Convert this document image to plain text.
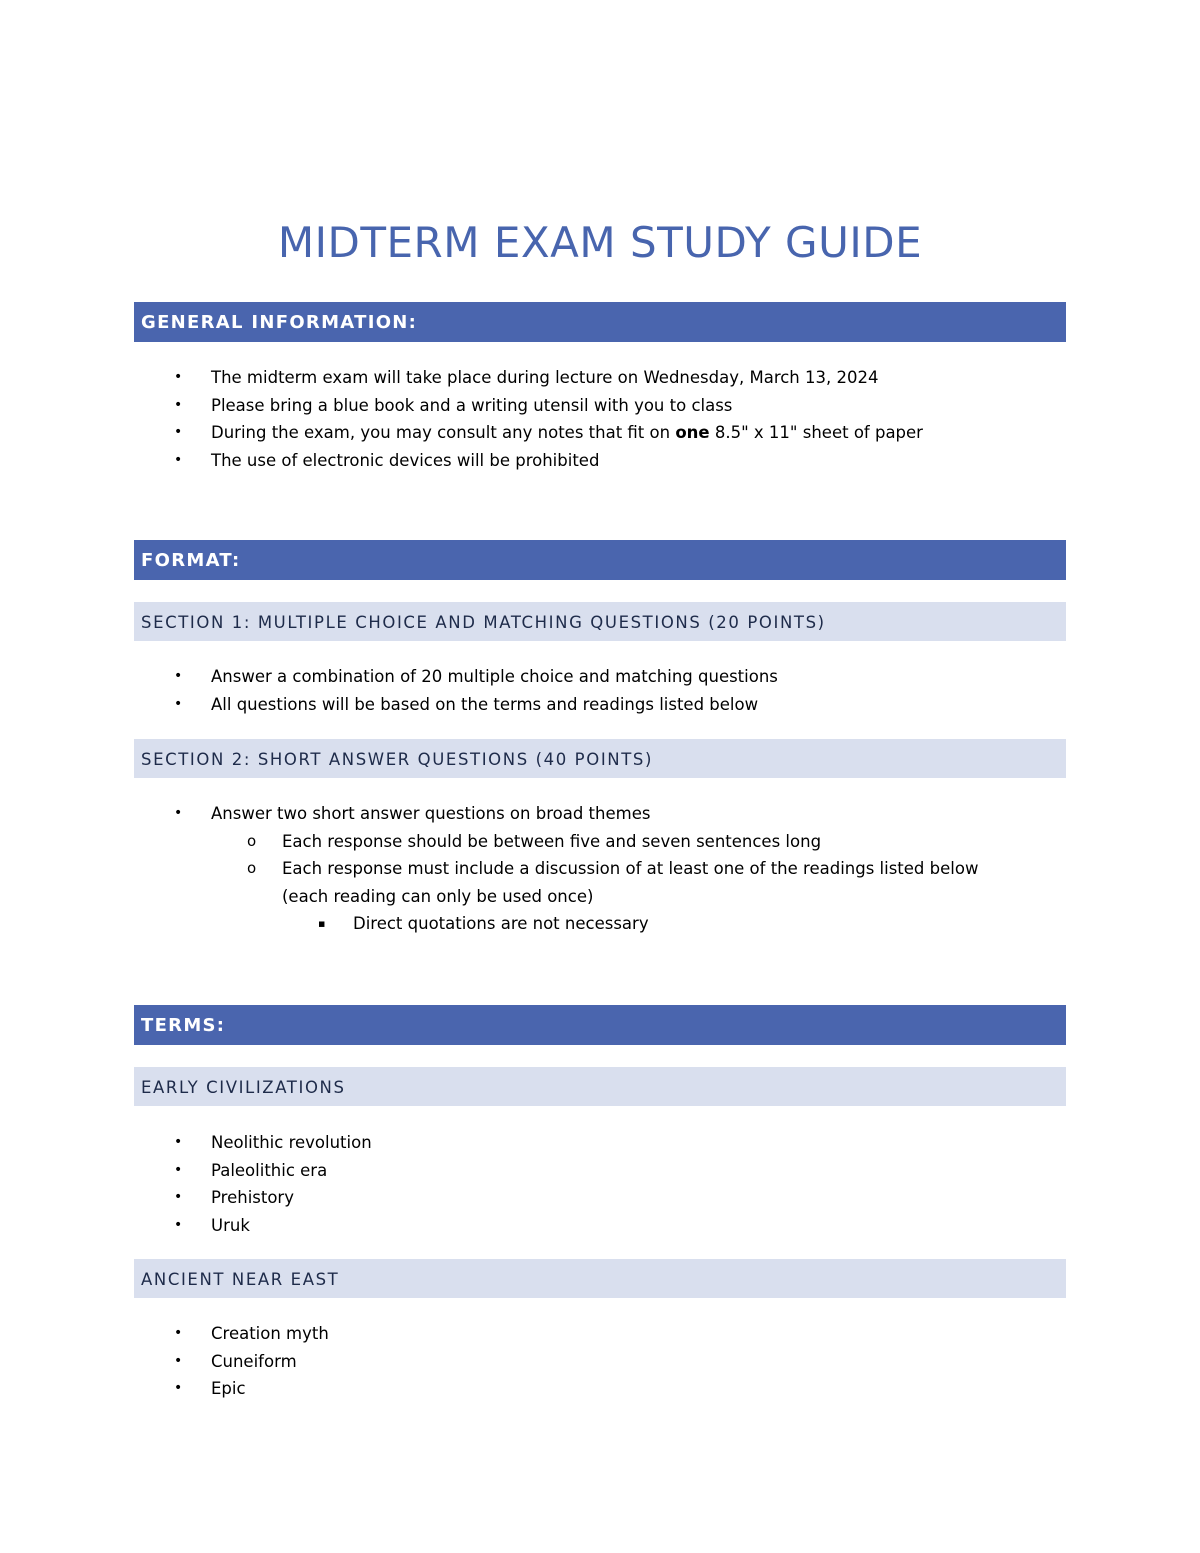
MIDTERM EXAM STUDY GUIDE
GENERAL INFORMATION:
• The midterm exam will take place during lecture on Wednesday, March 13, 2024
• Please bring a blue book and a writing utensil with you to class
• During the exam, you may consult any notes that fit on one 8.5" x 11" sheet of paper
• The use of electronic devices will be prohibited
FORMAT:
SECTION 1: MULTIPLE CHOICE AND MATCHING QUESTIONS (20 POINTS)
• Answer a combination of 20 multiple choice and matching questions
• All questions will be based on the terms and readings listed below
SECTION 2: SHORT ANSWER QUESTIONS (40 POINTS)
• Answer two short answer questions on broad themes
o Each response should be between five and seven sentences long
o Each response must include a discussion of at least one of the readings listed below (each reading can only be used once)
▪ Direct quotations are not necessary
TERMS:
EARLY CIVILIZATIONS
• Neolithic revolution
• Paleolithic era
• Prehistory
• Uruk
ANCIENT NEAR EAST
• Creation myth
• Cuneiform
• Epic
